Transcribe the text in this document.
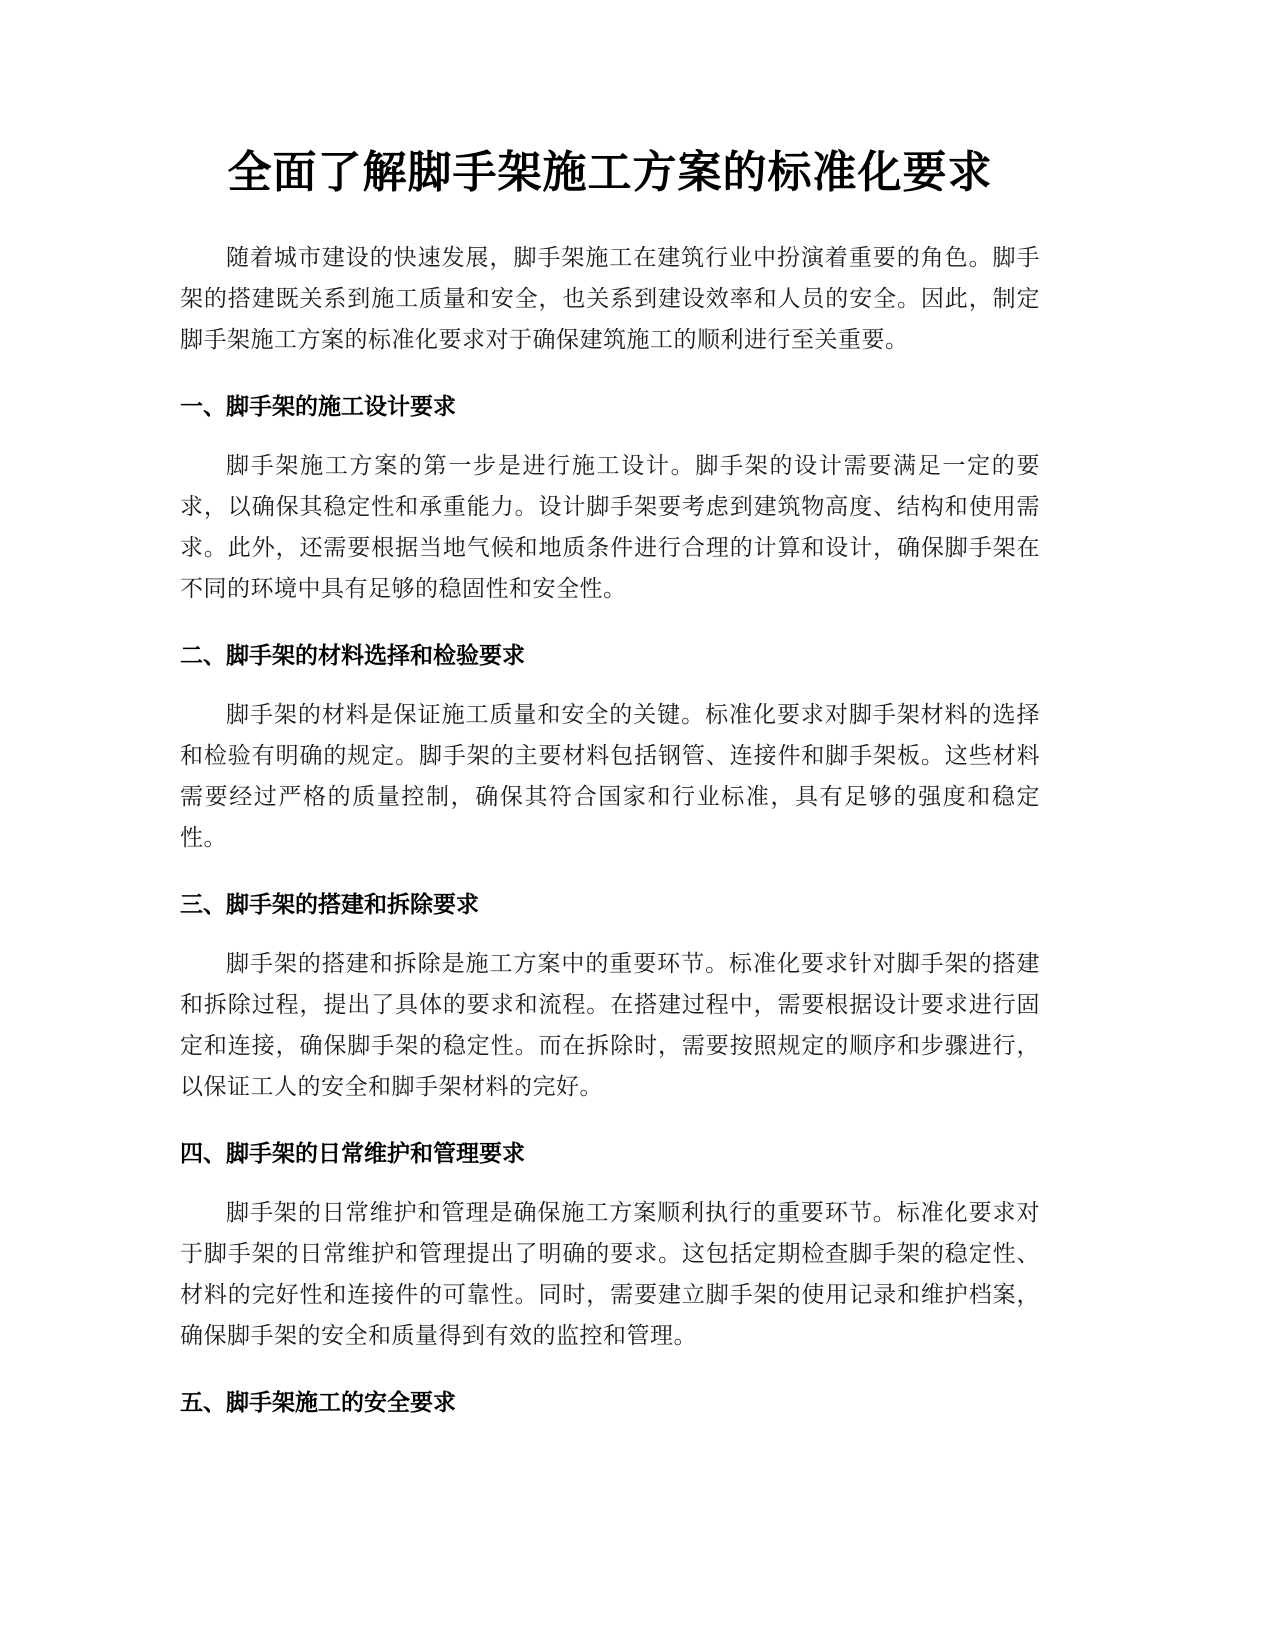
全面了解脚手架施工方案的标准化要求

随着城市建设的快速发展，脚手架施工在建筑行业中扮演着重要的角色。脚手架的搭建既关系到施工质量和安全，也关系到建设效率和人员的安全。因此，制定脚手架施工方案的标准化要求对于确保建筑施工的顺利进行至关重要。

一、脚手架的施工设计要求

脚手架施工方案的第一步是进行施工设计。脚手架的设计需要满足一定的要求，以确保其稳定性和承重能力。设计脚手架要考虑到建筑物高度、结构和使用需求。此外，还需要根据当地气候和地质条件进行合理的计算和设计，确保脚手架在不同的环境中具有足够的稳固性和安全性。

二、脚手架的材料选择和检验要求

脚手架的材料是保证施工质量和安全的关键。标准化要求对脚手架材料的选择和检验有明确的规定。脚手架的主要材料包括钢管、连接件和脚手架板。这些材料需要经过严格的质量控制，确保其符合国家和行业标准，具有足够的强度和稳定性。

三、脚手架的搭建和拆除要求

脚手架的搭建和拆除是施工方案中的重要环节。标准化要求针对脚手架的搭建和拆除过程，提出了具体的要求和流程。在搭建过程中，需要根据设计要求进行固定和连接，确保脚手架的稳定性。而在拆除时，需要按照规定的顺序和步骤进行，以保证工人的安全和脚手架材料的完好。

四、脚手架的日常维护和管理要求

脚手架的日常维护和管理是确保施工方案顺利执行的重要环节。标准化要求对于脚手架的日常维护和管理提出了明确的要求。这包括定期检查脚手架的稳定性、材料的完好性和连接件的可靠性。同时，需要建立脚手架的使用记录和维护档案，确保脚手架的安全和质量得到有效的监控和管理。

五、脚手架施工的安全要求
